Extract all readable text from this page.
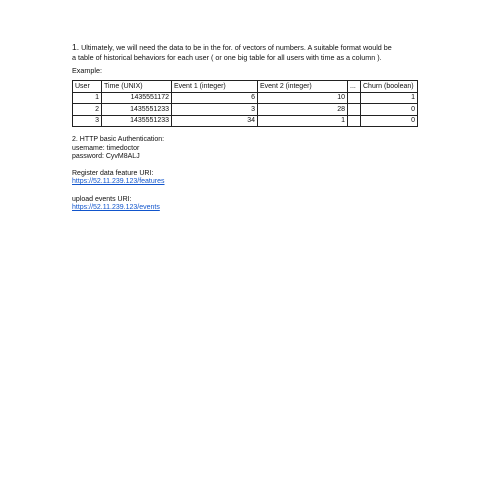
1. Ultimately, we will need the data to be in the for. of vectors of numbers. A suitable format would be
a table of historical behaviors for each user ( or one big table for all users with time as a column ).

Example:

User	Time (UNIX)	Event 1 (integer)	Event 2 (integer)	...	Churn (boolean)
1	1435551172	6	10		1
2	1435551233	3	28		0
3	1435551233	34	1		0
2. HTTP basic Authentication:
usemame: timedoctor
password: CyvM8ALJ
Register data feature URI:
https://52.11.239.123/features
upload events URI:
https://52.11.239.123/events
